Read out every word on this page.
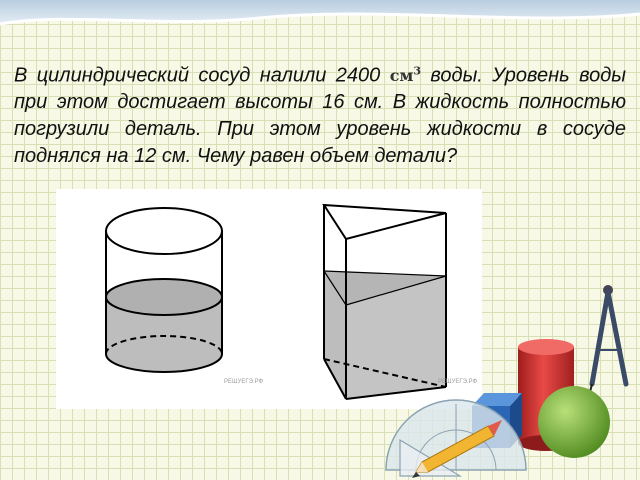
В цилиндрический сосуд налили 2400 $см^3$ воды. Уровень воды при этом достигает высоты 16 см. В жидкость полностью погрузили деталь. При этом уровень жидкости в сосуде поднялся на 12 см. Чему равен объем детали?
РЕШУЕГЭ.РФ	РЕШУЕГЭ.РФ
